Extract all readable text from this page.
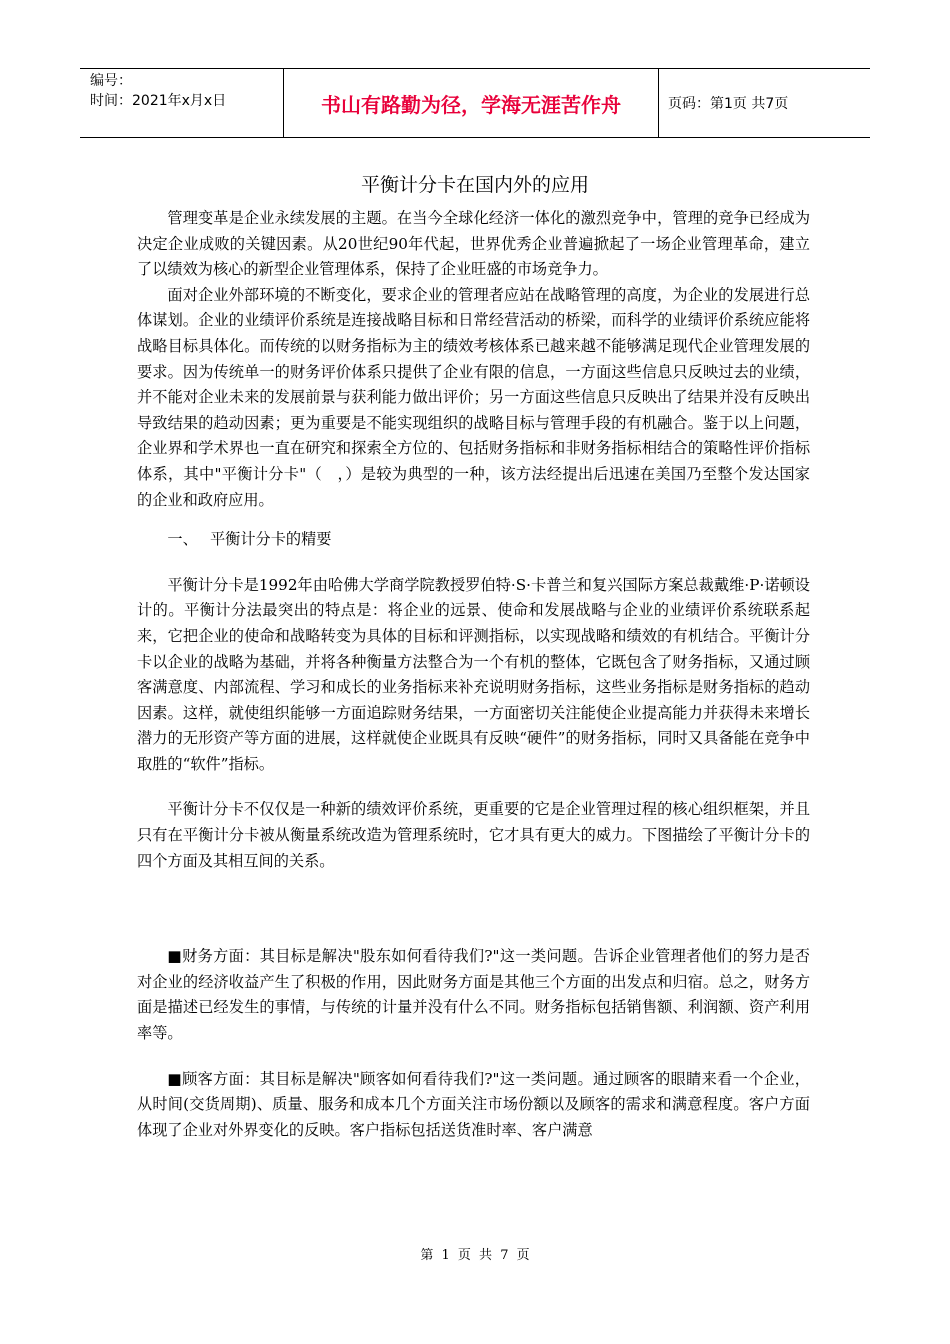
编号：
时间：2021年x月x日	书山有路勤为径，学海无涯苦作舟	页码：第1页 共7页
平衡计分卡在国内外的应用

管理变革是企业永续发展的主题。在当今全球化经济一体化的激烈竞争中，管理的竞争已经成为决定企业成败的关键因素。从20世纪90年代起，世界优秀企业普遍掀起了一场企业管理革命，建立了以绩效为核心的新型企业管理体系，保持了企业旺盛的市场竞争力。

面对企业外部环境的不断变化，要求企业的管理者应站在战略管理的高度，为企业的发展进行总体谋划。企业的业绩评价系统是连接战略目标和日常经营活动的桥梁，而科学的业绩评价系统应能将战略目标具体化。而传统的以财务指标为主的绩效考核体系已越来越不能够满足现代企业管理发展的要求。因为传统单一的财务评价体系只提供了企业有限的信息，一方面这些信息只反映过去的业绩，并不能对企业未来的发展前景与获利能力做出评价；另一方面这些信息只反映出了结果并没有反映出导致结果的趋动因素；更为重要是不能实现组织的战略目标与管理手段的有机融合。鉴于以上问题，企业界和学术界也一直在研究和探索全方位的、包括财务指标和非财务指标相结合的策略性评价指标体系，其中"平衡计分卡"（　，）是较为典型的一种，该方法经提出后迅速在美国乃至整个发达国家的企业和政府应用。

一、 平衡计分卡的精要

平衡计分卡是1992年由哈佛大学商学院教授罗伯特·S·卡普兰和复兴国际方案总裁戴维·P·诺顿设计的。平衡计分法最突出的特点是：将企业的远景、使命和发展战略与企业的业绩评价系统联系起来，它把企业的使命和战略转变为具体的目标和评测指标，以实现战略和绩效的有机结合。平衡计分卡以企业的战略为基础，并将各种衡量方法整合为一个有机的整体，它既包含了财务指标，又通过顾客满意度、内部流程、学习和成长的业务指标来补充说明财务指标，这些业务指标是财务指标的趋动因素。这样，就使组织能够一方面追踪财务结果，一方面密切关注能使企业提高能力并获得未来增长潜力的无形资产等方面的进展，这样就使企业既具有反映“硬件”的财务指标，同时又具备能在竞争中取胜的“软件”指标。

平衡计分卡不仅仅是一种新的绩效评价系统，更重要的它是企业管理过程的核心组织框架，并且只有在平衡计分卡被从衡量系统改造为管理系统时，它才具有更大的威力。下图描绘了平衡计分卡的四个方面及其相互间的关系。

■财务方面：其目标是解决"股东如何看待我们?"这一类问题。告诉企业管理者他们的努力是否对企业的经济收益产生了积极的作用，因此财务方面是其他三个方面的出发点和归宿。总之，财务方面是描述已经发生的事情，与传统的计量并没有什么不同。财务指标包括销售额、利润额、资产利用率等。

■顾客方面：其目标是解决"顾客如何看待我们?"这一类问题。通过顾客的眼睛来看一个企业，从时间(交货周期)、质量、服务和成本几个方面关注市场份额以及顾客的需求和满意程度。客户方面体现了企业对外界变化的反映。客户指标包括送货准时率、客户满意

第 1 页 共 7 页
